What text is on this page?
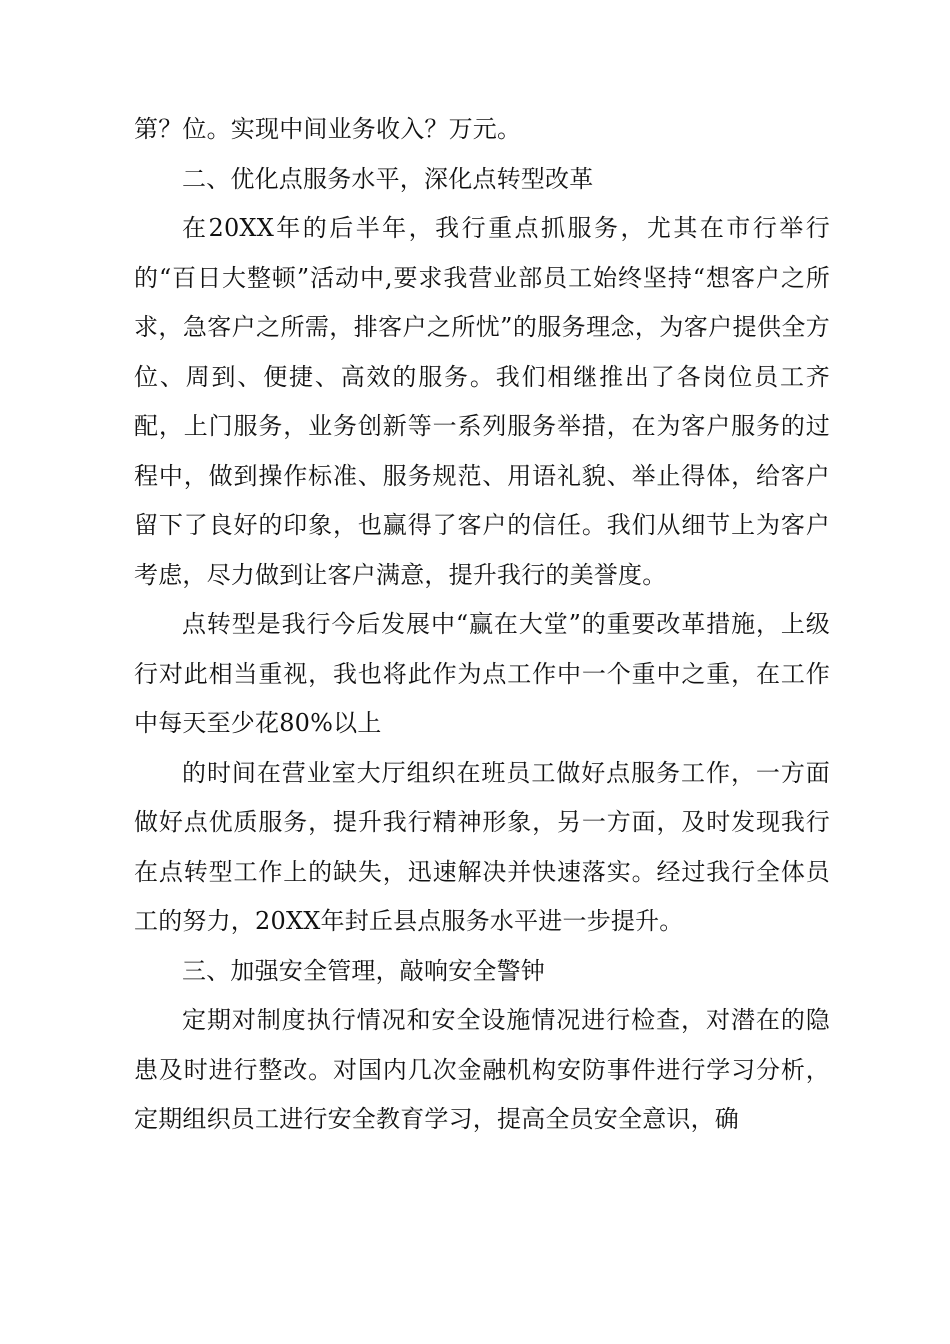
第？位。实现中间业务收入？万元。

二、优化点服务水平，深化点转型改革

在20XX年的后半年，我行重点抓服务，尤其在市行举行的“百日大整顿”活动中,要求我营业部员工始终坚持“想客户之所求，急客户之所需，排客户之所忧”的服务理念，为客户提供全方位、周到、便捷、高效的服务。我们相继推出了各岗位员工齐配，上门服务，业务创新等一系列服务举措，在为客户服务的过程中，做到操作标准、服务规范、用语礼貌、举止得体，给客户留下了良好的印象，也赢得了客户的信任。我们从细节上为客户考虑，尽力做到让客户满意，提升我行的美誉度。

点转型是我行今后发展中“赢在大堂”的重要改革措施，上级行对此相当重视，我也将此作为点工作中一个重中之重，在工作中每天至少花80%以上

的时间在营业室大厅组织在班员工做好点服务工作，一方面做好点优质服务，提升我行精神形象，另一方面，及时发现我行在点转型工作上的缺失，迅速解决并快速落实。经过我行全体员工的努力，20XX年封丘县点服务水平进一步提升。

三、加强安全管理，敲响安全警钟

定期对制度执行情况和安全设施情况进行检查，对潜在的隐患及时进行整改。对国内几次金融机构安防事件进行学习分析，定期组织员工进行安全教育学习，提高全员安全意识，确
